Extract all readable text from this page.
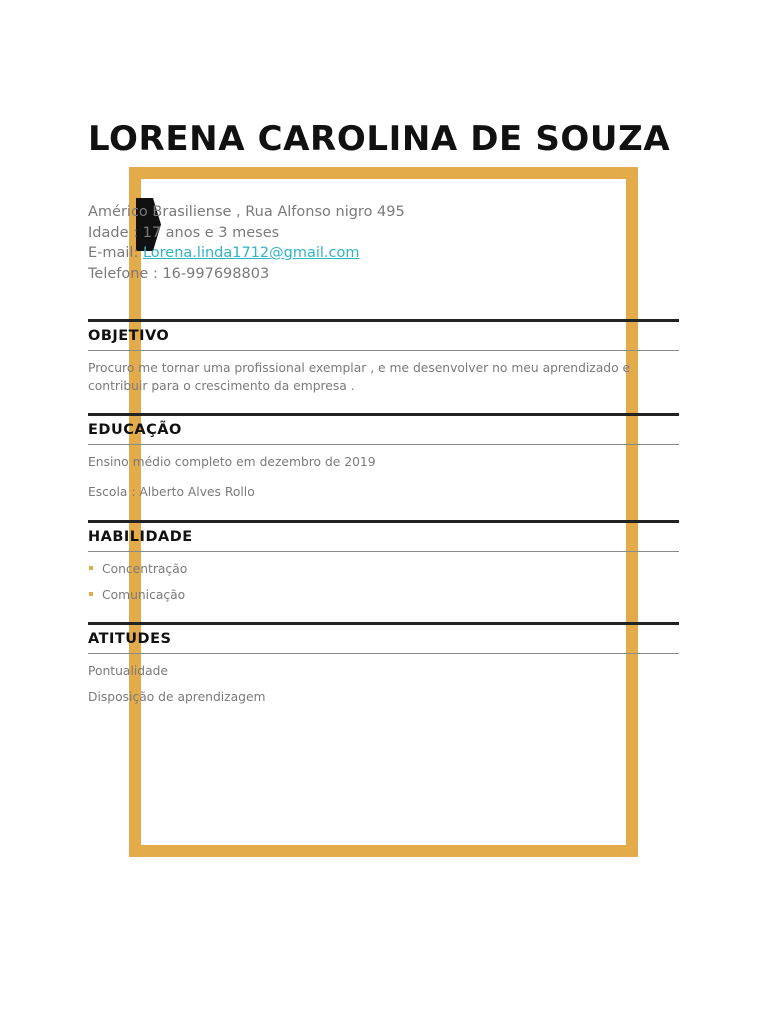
LORENA CAROLINA DE SOUZA
Américo Brasiliense , Rua Alfonso nigro 495
Idade : 17 anos e 3 meses
E-mail: Lorena.linda1712@gmail.com
Telefone : 16-997698803
OBJETIVO

Procuro me tornar uma profissional exemplar , e me desenvolver no meu aprendizado e contribuir para o crescimento da empresa .

EDUCAÇÃO

Ensino médio completo em dezembro de 2019

Escola : Alberto Alves Rollo

HABILIDADE
Concentração
Comunicação
ATITUDES

Pontualidade

Disposição de aprendizagem
